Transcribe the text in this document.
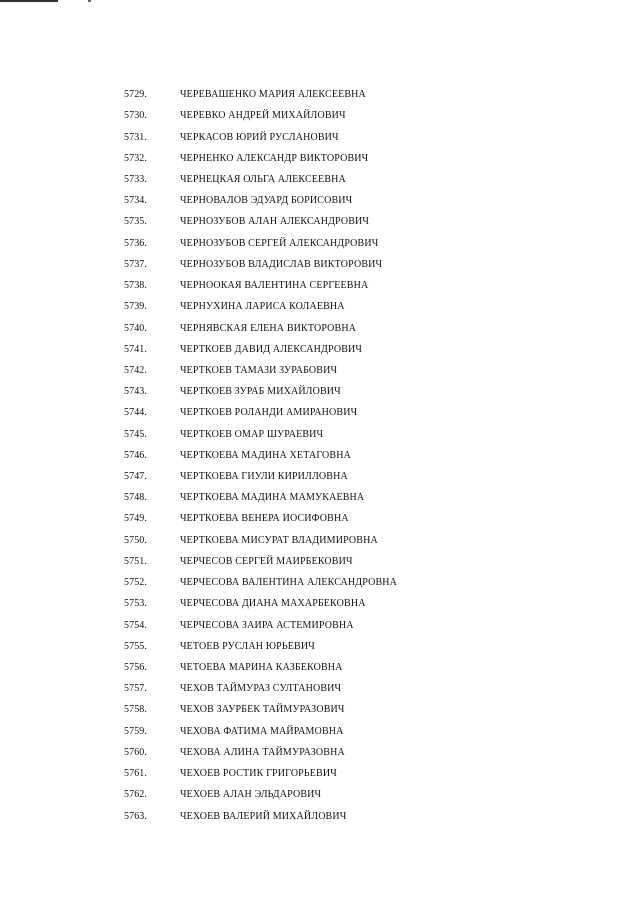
5729.	ЧЕРЕВАШЕНКО МАРИЯ АЛЕКСЕЕВНА
5730.	ЧЕРЕВКО АНДРЕЙ МИХАЙЛОВИЧ
5731.	ЧЕРКАСОВ ЮРИЙ РУСЛАНОВИЧ
5732.	ЧЕРНЕНКО АЛЕКСАНДР ВИКТОРОВИЧ
5733.	ЧЕРНЕЦКАЯ ОЛЬГА АЛЕКСЕЕВНА
5734.	ЧЕРНОВАЛОВ ЭДУАРД БОРИСОВИЧ
5735.	ЧЕРНОЗУБОВ АЛАН АЛЕКСАНДРОВИЧ
5736.	ЧЕРНОЗУБОВ СЕРГЕЙ АЛЕКСАНДРОВИЧ
5737.	ЧЕРНОЗУБОВ ВЛАДИСЛАВ ВИКТОРОВИЧ
5738.	ЧЕРНООКАЯ ВАЛЕНТИНА СЕРГЕЕВНА
5739.	ЧЕРНУХИНА ЛАРИСА КОЛАЕВНА
5740.	ЧЕРНЯВСКАЯ ЕЛЕНА ВИКТОРОВНА
5741.	ЧЕРТКОЕВ ДАВИД АЛЕКСАНДРОВИЧ
5742.	ЧЕРТКОЕВ ТАМАЗИ ЗУРАБОВИЧ
5743.	ЧЕРТКОЕВ ЗУРАБ МИХАЙЛОВИЧ
5744.	ЧЕРТКОЕВ РОЛАНДИ АМИРАНОВИЧ
5745.	ЧЕРТКОЕВ ОМАР ШУРАЕВИЧ
5746.	ЧЕРТКОЕВА МАДИНА ХЕТАГОВНА
5747.	ЧЕРТКОЕВА ГИУЛИ КИРИЛЛОВНА
5748.	ЧЕРТКОЕВА МАДИНА МАМУКАЕВНА
5749.	ЧЕРТКОЕВА ВЕНЕРА ИОСИФОВНА
5750.	ЧЕРТКОЕВА МИСУРАТ ВЛАДИМИРОВНА
5751.	ЧЕРЧЕСОВ СЕРГЕЙ МАИРБЕКОВИЧ
5752.	ЧЕРЧЕСОВА ВАЛЕНТИНА АЛЕКСАНДРОВНА
5753.	ЧЕРЧЕСОВА ДИАНА МАХАРБЕКОВНА
5754.	ЧЕРЧЕСОВА ЗАИРА АСТЕМИРОВНА
5755.	ЧЕТОЕВ РУСЛАН ЮРЬЕВИЧ
5756.	ЧЕТОЕВА МАРИНА КАЗБЕКОВНА
5757.	ЧЕХОВ ТАЙМУРАЗ СУЛТАНОВИЧ
5758.	ЧЕХОВ ЗАУРБЕК ТАЙМУРАЗОВИЧ
5759.	ЧЕХОВА ФАТИМА МАЙРАМОВНА
5760.	ЧЕХОВА АЛИНА ТАЙМУРАЗОВНА
5761.	ЧЕХОЕВ РОСТИК ГРИГОРЬЕВИЧ
5762.	ЧЕХОЕВ АЛАН ЭЛЬДАРОВИЧ
5763.	ЧЕХОЕВ ВАЛЕРИЙ МИХАЙЛОВИЧ
